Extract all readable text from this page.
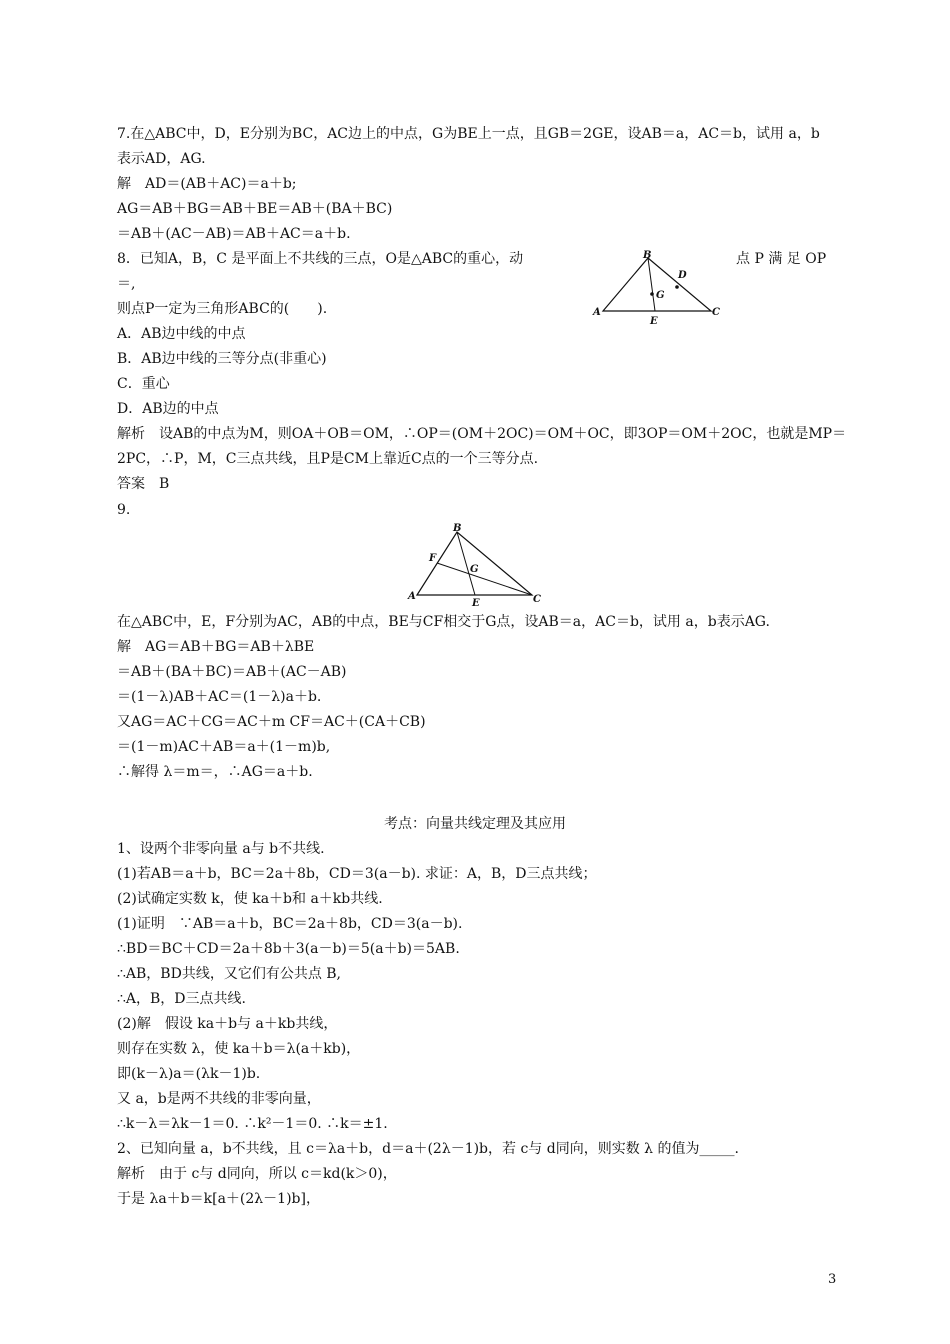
7.在△ABC中，D，E分别为BC，AC边上的中点，G为BE上一点，且GB＝2GE，设AB＝a，AC＝b，试用 a，b
表示AD，AG.
解　AD＝(AB＋AC)＝a＋b;
AG＝AB＋BG＝AB＋BE＝AB＋(BA＋BC)
＝AB＋(AC－AB)＝AB＋AC＝a＋b.
8．已知A，B，C 是平面上不共线的三点，O是△ABC的重心，动	点 P 满 足 OP
＝,
则点P一定为三角形ABC的(　　).
A．AB边中线的中点
B．AB边中线的三等分点(非重心)
C．重心
D．AB边的中点
解析　设AB的中点为M，则OA＋OB＝OM，∴OP＝(OM＋2OC)＝OM＋OC，即3OP＝OM＋2OC，也就是MP＝
2PC，∴P，M，C三点共线，且P是CM上靠近C点的一个三等分点.
答案　B
B
D
G
A
E
C
9.
B
F
G
A
E	C
在△ABC中，E，F分别为AC，AB的中点，BE与CF相交于G点，设AB＝a，AC＝b，试用 a，b表示AG.
解　AG＝AB＋BG＝AB＋λBE
＝AB＋(BA＋BC)＝AB＋(AC－AB)
＝(1－λ)AB＋AC＝(1－λ)a＋b.
又AG＝AC＋CG＝AC＋m CF＝AC＋(CA＋CB)
＝(1－m)AC＋AB＝a＋(1－m)b,
∴解得 λ＝m＝，∴AG＝a＋b.
考点：向量共线定理及其应用
1、设两个非零向量 a与 b不共线.
(1)若AB＝a＋b，BC＝2a＋8b，CD＝3(a－b). 求证：A，B，D三点共线；
(2)试确定实数 k，使 ka＋b和 a＋kb共线.
(1)证明　∵AB＝a＋b，BC＝2a＋8b，CD＝3(a－b).
∴BD＝BC＋CD＝2a＋8b＋3(a－b)＝5(a＋b)＝5AB.
∴AB，BD共线，又它们有公共点 B,
∴A，B，D三点共线.
(2)解　假设 ka＋b与 a＋kb共线，
则存在实数 λ，使 ka＋b＝λ(a＋kb)，
即(k－λ)a＝(λk－1)b.
又 a，b是两不共线的非零向量，
∴k－λ＝λk－1＝0. ∴k²－1＝0. ∴k＝±1.
2、已知向量 a，b不共线，且 c＝λa＋b，d＝a＋(2λ－1)b，若 c与 d同向，则实数 λ 的值为_____.
解析　由于 c与 d同向，所以 c＝kd(k＞0)，
于是 λa＋b＝k[a＋(2λ－1)b]，
3
